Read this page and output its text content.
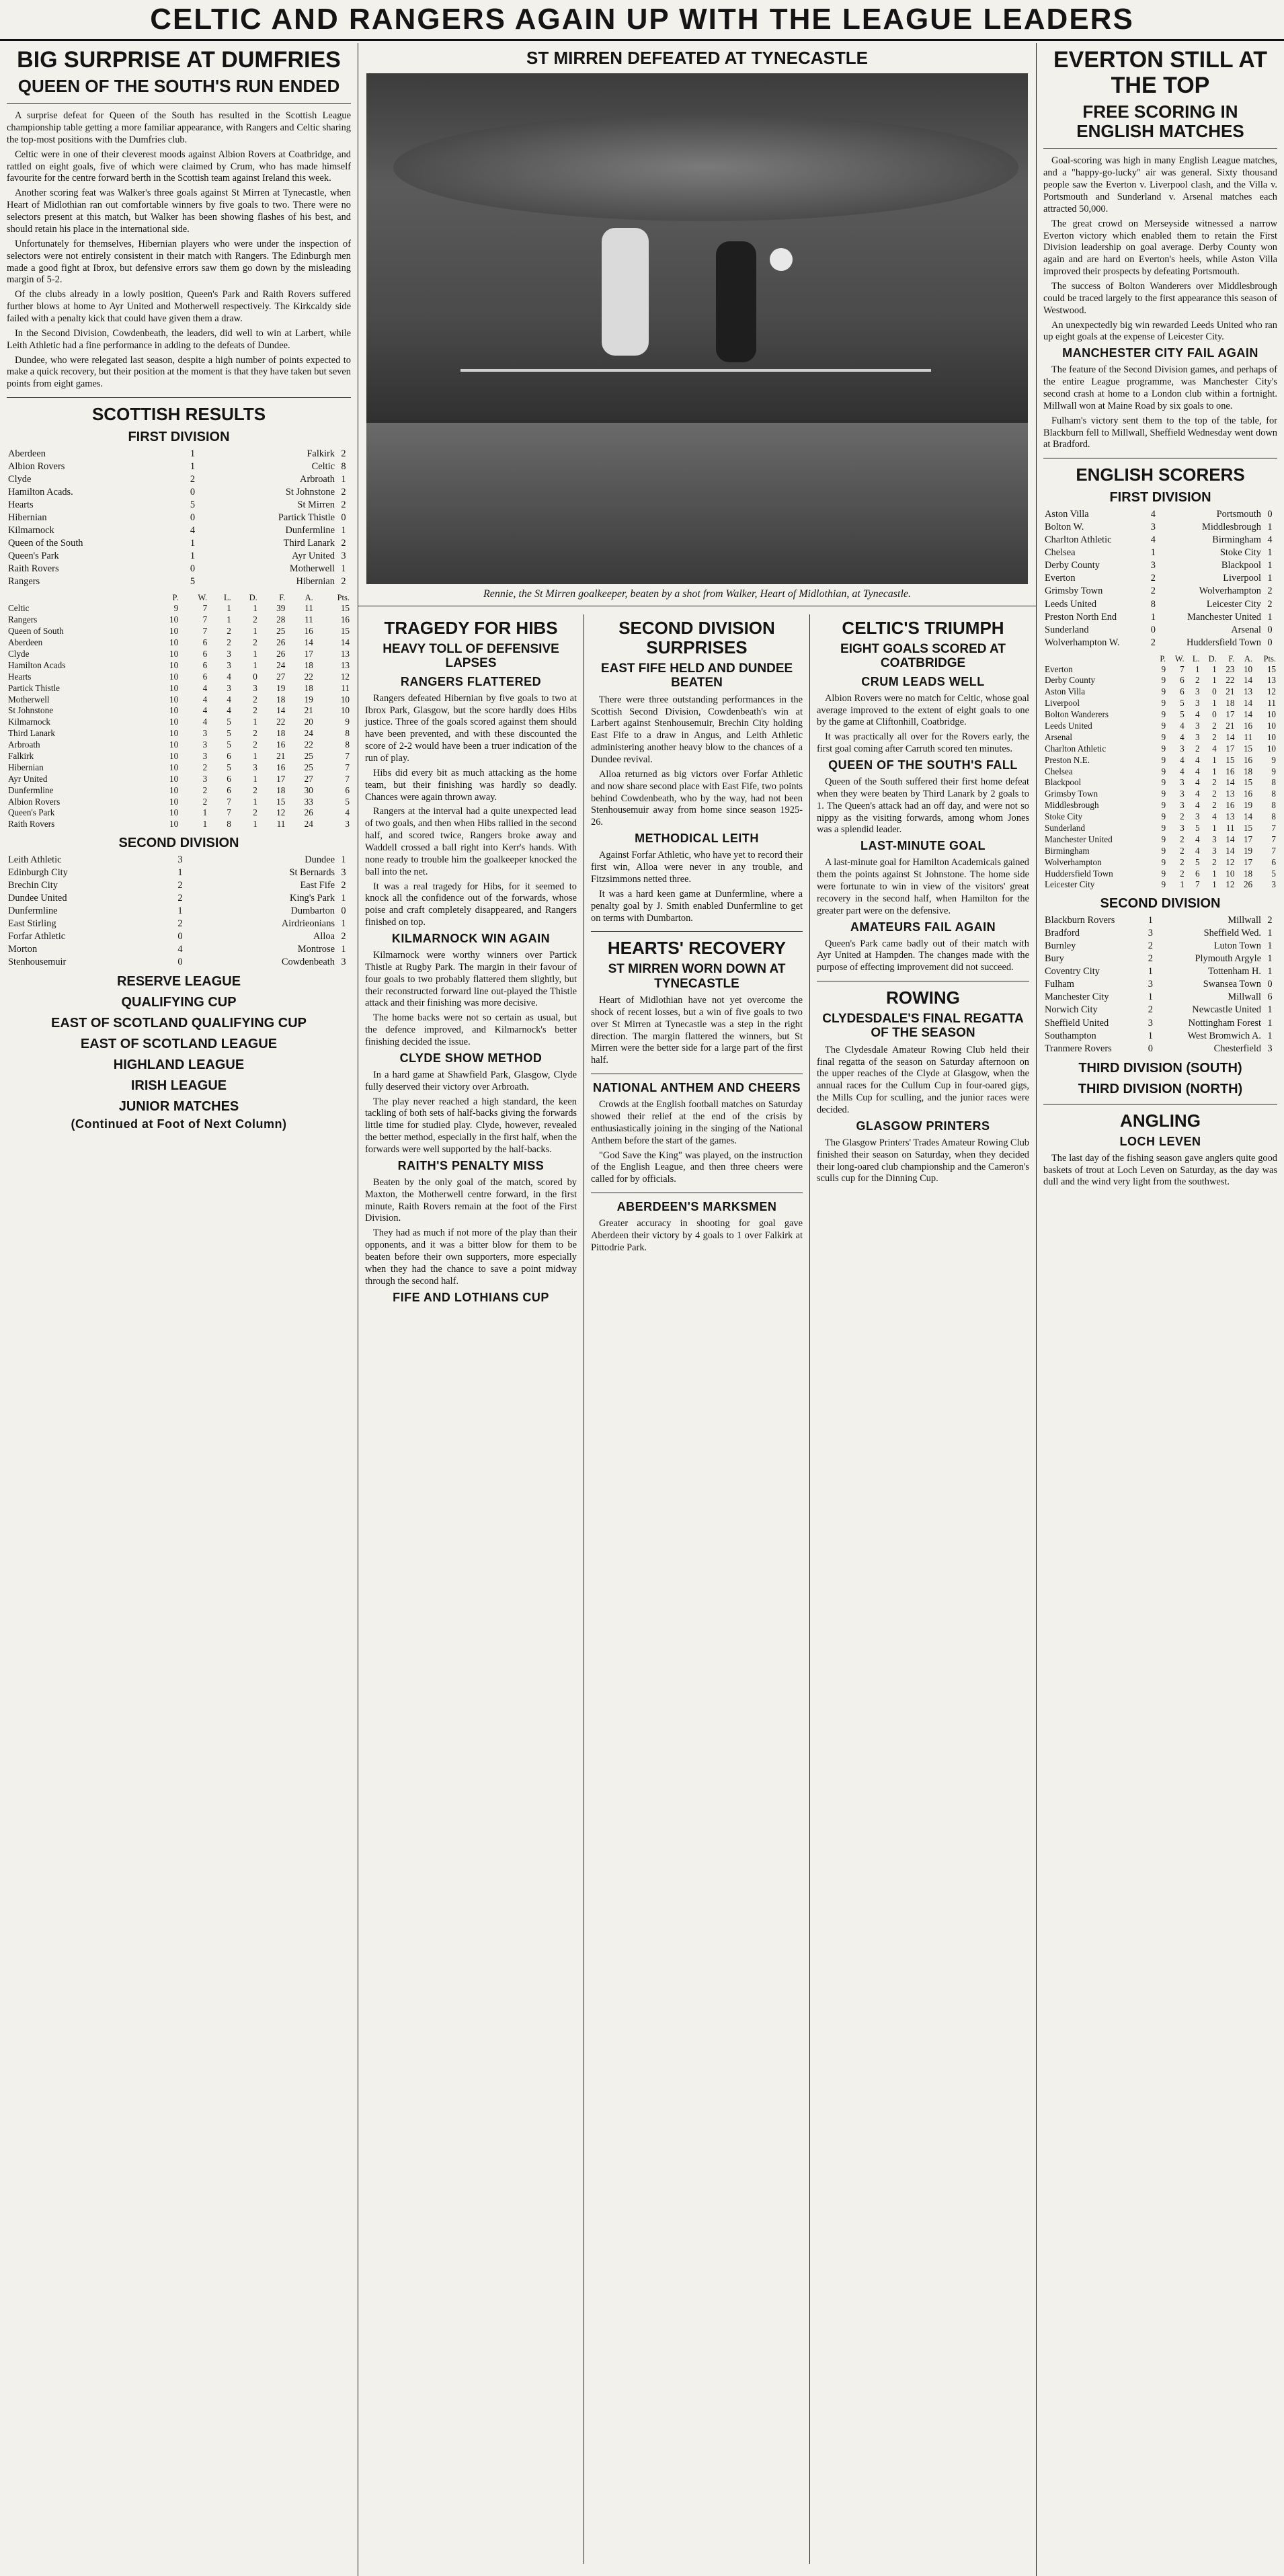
CELTIC AND RANGERS AGAIN UP WITH THE LEAGUE LEADERS
BIG SURPRISE AT DUMFRIES
QUEEN OF THE SOUTH'S RUN ENDED

A surprise defeat for Queen of the South has resulted in the Scottish League championship table getting a more familiar appearance, with Rangers and Celtic sharing the top-most positions with the Dumfries club.

Celtic were in one of their cleverest moods against Albion Rovers at Coatbridge, and rattled on eight goals, five of which were claimed by Crum, who has made himself favourite for the centre forward berth in the Scottish team against Ireland this week.

Another scoring feat was Walker's three goals against St Mirren at Tynecastle, when Heart of Midlothian ran out comfortable winners by five goals to two. There were no selectors present at this match, but Walker has been showing flashes of his best, and should retain his place in the international side.

Unfortunately for themselves, Hibernian players who were under the inspection of selectors were not entirely consistent in their match with Rangers. The Edinburgh men made a good fight at Ibrox, but defensive errors saw them go down by the misleading margin of 5-2.

Of the clubs already in a lowly position, Queen's Park and Raith Rovers suffered further blows at home to Ayr United and Motherwell respectively. The Kirkcaldy side failed with a penalty kick that could have given them a draw.

In the Second Division, Cowdenbeath, the leaders, did well to win at Larbert, while Leith Athletic had a fine performance in adding to the defeats of Dundee.

Dundee, who were relegated last season, despite a high number of points expected to make a quick recovery, but their position at the moment is that they have taken but seven points from eight games.

SCOTTISH RESULTS
FIRST DIVISION
Aberdeen	1	Falkirk	2
Albion Rovers	1	Celtic	8
Clyde	2	Arbroath	1
Hamilton Acads.	0	St Johnstone	2
Hearts	5	St Mirren	2
Hibernian	0	Partick Thistle	0
Kilmarnock	4	Dunfermline	1
Queen of the South	1	Third Lanark	2
Queen's Park	1	Ayr United	3
Raith Rovers	0	Motherwell	1
Rangers	5	Hibernian	2
	P.	W.	L.	D.	F.	A.	Pts.
Celtic	9	7	1	1	39	11	15
Rangers	10	7	1	2	28	11	16
Queen of South	10	7	2	1	25	16	15
Aberdeen	10	6	2	2	26	14	14
Clyde	10	6	3	1	26	17	13
Hamilton Acads	10	6	3	1	24	18	13
Hearts	10	6	4	0	27	22	12
Partick Thistle	10	4	3	3	19	18	11
Motherwell	10	4	4	2	18	19	10
St Johnstone	10	4	4	2	14	21	10
Kilmarnock	10	4	5	1	22	20	9
Third Lanark	10	3	5	2	18	24	8
Arbroath	10	3	5	2	16	22	8
Falkirk	10	3	6	1	21	25	7
Hibernian	10	2	5	3	16	25	7
Ayr United	10	3	6	1	17	27	7
Dunfermline	10	2	6	2	18	30	6
Albion Rovers	10	2	7	1	15	33	5
Queen's Park	10	1	7	2	12	26	4
Raith Rovers	10	1	8	1	11	24	3
SECOND DIVISION
Leith Athletic	3	Dundee	1
Edinburgh City	1	St Bernards	3
Brechin City	2	East Fife	2
Dundee United	2	King's Park	1
Dunfermline	1	Dumbarton	0
East Stirling	2	Airdrieonians	1
Forfar Athletic	0	Alloa	2
Morton	4	Montrose	1
Stenhousemuir	0	Cowdenbeath	3
RESERVE LEAGUE
QUALIFYING CUP
EAST OF SCOTLAND QUALIFYING CUP
EAST OF SCOTLAND LEAGUE
HIGHLAND LEAGUE
IRISH LEAGUE
JUNIOR MATCHES
(Continued at Foot of Next Column)
ST MIRREN DEFEATED AT TYNECASTLE
Rennie, the St Mirren goalkeeper, beaten by a shot from Walker, Heart of Midlothian, at Tynecastle.
TRAGEDY FOR HIBS
HEAVY TOLL OF DEFENSIVE LAPSES
RANGERS FLATTERED

Rangers defeated Hibernian by five goals to two at Ibrox Park, Glasgow, but the score hardly does Hibs justice. Three of the goals scored against them should have been prevented, and with these discounted the score of 2-2 would have been a truer indication of the run of play.

Hibs did every bit as much attacking as the home team, but their finishing was hardly so deadly. Chances were again thrown away.

Rangers at the interval had a quite unexpected lead of two goals, and then when Hibs rallied in the second half, and scored twice, Rangers broke away and Waddell crossed a ball right into Kerr's hands. With none ready to trouble him the goalkeeper knocked the ball into the net.

It was a real tragedy for Hibs, for it seemed to knock all the confidence out of the forwards, whose poise and craft completely disappeared, and Rangers finished on top.

KILMARNOCK WIN AGAIN

Kilmarnock were worthy winners over Partick Thistle at Rugby Park. The margin in their favour of four goals to two probably flattered them slightly, but their reconstructed forward line out-played the Thistle attack and their finishing was more decisive.

The home backs were not so certain as usual, but the defence improved, and Kilmarnock's better finishing decided the issue.

CLYDE SHOW METHOD

In a hard game at Shawfield Park, Glasgow, Clyde fully deserved their victory over Arbroath.

The play never reached a high standard, the keen tackling of both sets of half-backs giving the forwards little time for studied play. Clyde, however, revealed the better method, especially in the first half, when the forwards were well supported by the half-backs.

RAITH'S PENALTY MISS

Beaten by the only goal of the match, scored by Maxton, the Motherwell centre forward, in the first minute, Raith Rovers remain at the foot of the First Division.

They had as much if not more of the play than their opponents, and it was a bitter blow for them to be beaten before their own supporters, more especially when they had the chance to save a point midway through the second half.

FIFE AND LOTHIANS CUP
SECOND DIVISION SURPRISES
EAST FIFE HELD AND DUNDEE BEATEN

There were three outstanding performances in the Scottish Second Division, Cowdenbeath's win at Larbert against Stenhousemuir, Brechin City holding East Fife to a draw in Angus, and Leith Athletic administering another heavy blow to the chances of a Dundee revival.

Alloa returned as big victors over Forfar Athletic and now share second place with East Fife, two points behind Cowdenbeath, who by the way, had not been Stenhousemuir away from home since season 1925-26.

METHODICAL LEITH

Against Forfar Athletic, who have yet to record their first win, Alloa were never in any trouble, and Fitzsimmons netted three.

It was a hard keen game at Dunfermline, where a penalty goal by J. Smith enabled Dunfermline to get on terms with Dumbarton.

HEARTS' RECOVERY
ST MIRREN WORN DOWN AT TYNECASTLE

Heart of Midlothian have not yet overcome the shock of recent losses, but a win of five goals to two over St Mirren at Tynecastle was a step in the right direction. The margin flattered the winners, but St Mirren were the better side for a large part of the first half.

NATIONAL ANTHEM AND CHEERS

Crowds at the English football matches on Saturday showed their relief at the end of the crisis by enthusiastically joining in the singing of the National Anthem before the start of the games.

"God Save the King" was played, on the instruction of the English League, and then three cheers were called for by officials.

ABERDEEN'S MARKSMEN

Greater accuracy in shooting for goal gave Aberdeen their victory by 4 goals to 1 over Falkirk at Pittodrie Park.

CELTIC'S TRIUMPH
EIGHT GOALS SCORED AT COATBRIDGE
CRUM LEADS WELL

Albion Rovers were no match for Celtic, whose goal average improved to the extent of eight goals to one by the game at Cliftonhill, Coatbridge.

It was practically all over for the Rovers early, the first goal coming after Carruth scored ten minutes.

QUEEN OF THE SOUTH'S FALL

Queen of the South suffered their first home defeat when they were beaten by Third Lanark by 2 goals to 1. The Queen's attack had an off day, and were not so nippy as the visiting forwards, among whom Jones was a splendid leader.

LAST-MINUTE GOAL

A last-minute goal for Hamilton Academicals gained them the points against St Johnstone. The home side were fortunate to win in view of the visitors' great recovery in the second half, when Hamilton for the greater part were on the defensive.

AMATEURS FAIL AGAIN

Queen's Park came badly out of their match with Ayr United at Hampden. The changes made with the purpose of effecting improvement did not succeed.

ROWING
CLYDESDALE'S FINAL REGATTA OF THE SEASON

The Clydesdale Amateur Rowing Club held their final regatta of the season on Saturday afternoon on the upper reaches of the Clyde at Glasgow, when the annual races for the Cullum Cup in four-oared gigs, the Mills Cup for sculling, and the junior races were decided.

GLASGOW PRINTERS

The Glasgow Printers' Trades Amateur Rowing Club finished their season on Saturday, when they decided their long-oared club championship and the Cameron's sculls cup for the Dinning Cup.

EVERTON STILL AT THE TOP
FREE SCORING IN ENGLISH MATCHES

Goal-scoring was high in many English League matches, and a "happy-go-lucky" air was general. Sixty thousand people saw the Everton v. Liverpool clash, and the Villa v. Portsmouth and Sunderland v. Arsenal matches each attracted 50,000.

The great crowd on Merseyside witnessed a narrow Everton victory which enabled them to retain the First Division leadership on goal average. Derby County won again and are hard on Everton's heels, while Aston Villa improved their prospects by defeating Portsmouth.

The success of Bolton Wanderers over Middlesbrough could be traced largely to the first appearance this season of Westwood.

An unexpectedly big win rewarded Leeds United who ran up eight goals at the expense of Leicester City.

MANCHESTER CITY FAIL AGAIN

The feature of the Second Division games, and perhaps of the entire League programme, was Manchester City's second crash at home to a London club within a fortnight. Millwall won at Maine Road by six goals to one.

Fulham's victory sent them to the top of the table, for Blackburn fell to Millwall, Sheffield Wednesday went down at Bradford.

ENGLISH SCORERS
FIRST DIVISION
Aston Villa	4	Portsmouth	0
Bolton W.	3	Middlesbrough	1
Charlton Athletic	4	Birmingham	4
Chelsea	1	Stoke City	1
Derby County	3	Blackpool	1
Everton	2	Liverpool	1
Grimsby Town	2	Wolverhampton	2
Leeds United	8	Leicester City	2
Preston North End	1	Manchester United	1
Sunderland	0	Arsenal	0
Wolverhampton W.	2	Huddersfield Town	0
	P.	W.	L.	D.	F.	A.	Pts.
Everton	9	7	1	1	23	10	15
Derby County	9	6	2	1	22	14	13
Aston Villa	9	6	3	0	21	13	12
Liverpool	9	5	3	1	18	14	11
Bolton Wanderers	9	5	4	0	17	14	10
Leeds United	9	4	3	2	21	16	10
Arsenal	9	4	3	2	14	11	10
Charlton Athletic	9	3	2	4	17	15	10
Preston N.E.	9	4	4	1	15	16	9
Chelsea	9	4	4	1	16	18	9
Blackpool	9	3	4	2	14	15	8
Grimsby Town	9	3	4	2	13	16	8
Middlesbrough	9	3	4	2	16	19	8
Stoke City	9	2	3	4	13	14	8
Sunderland	9	3	5	1	11	15	7
Manchester United	9	2	4	3	14	17	7
Birmingham	9	2	4	3	14	19	7
Wolverhampton	9	2	5	2	12	17	6
Huddersfield Town	9	2	6	1	10	18	5
Leicester City	9	1	7	1	12	26	3
SECOND DIVISION
Blackburn Rovers	1	Millwall	2
Bradford	3	Sheffield Wed.	1
Burnley	2	Luton Town	1
Bury	2	Plymouth Argyle	1
Coventry City	1	Tottenham H.	1
Fulham	3	Swansea Town	0
Manchester City	1	Millwall	6
Norwich City	2	Newcastle United	1
Sheffield United	3	Nottingham Forest	1
Southampton	1	West Bromwich A.	1
Tranmere Rovers	0	Chesterfield	3
THIRD DIVISION (SOUTH)
THIRD DIVISION (NORTH)
ANGLING
LOCH LEVEN

The last day of the fishing season gave anglers quite good baskets of trout at Loch Leven on Saturday, as the day was dull and the wind very light from the southwest.
